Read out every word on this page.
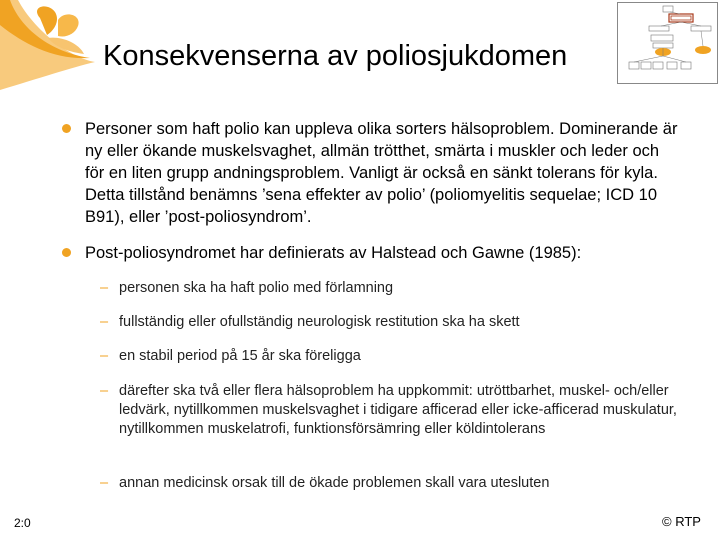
Konsekvenserna av poliosjukdomen
Personer som haft polio kan uppleva olika sorters hälsoproblem. Dominerande är ny eller ökande muskelsvaghet, allmän trötthet, smärta i muskler och leder och för en liten grupp andningsproblem. Vanligt är också en sänkt tolerans för kyla. Detta tillstånd benämns ’sena effekter av polio’ (poliomyelitis sequelae; ICD 10 B91), eller ’post-poliosyndrom’.
Post-poliosyndromet har definierats av Halstead och Gawne (1985):
– personen ska ha haft polio med förlamning
– fullständig eller ofullständig neurologisk restitution ska ha skett
– en stabil period på 15 år ska föreligga
– därefter ska två eller flera hälsoproblem ha uppkommit: utröttbarhet, muskel- och/eller ledvärk, nytillkommen muskelsvaghet i tidigare afficerad eller icke-afficerad muskulatur, nytillkommen muskelatrofi, funktionsförsämring eller köldintolerans
– annan medicinsk orsak till de ökade problemen skall vara utesluten
2:0	© RTP
